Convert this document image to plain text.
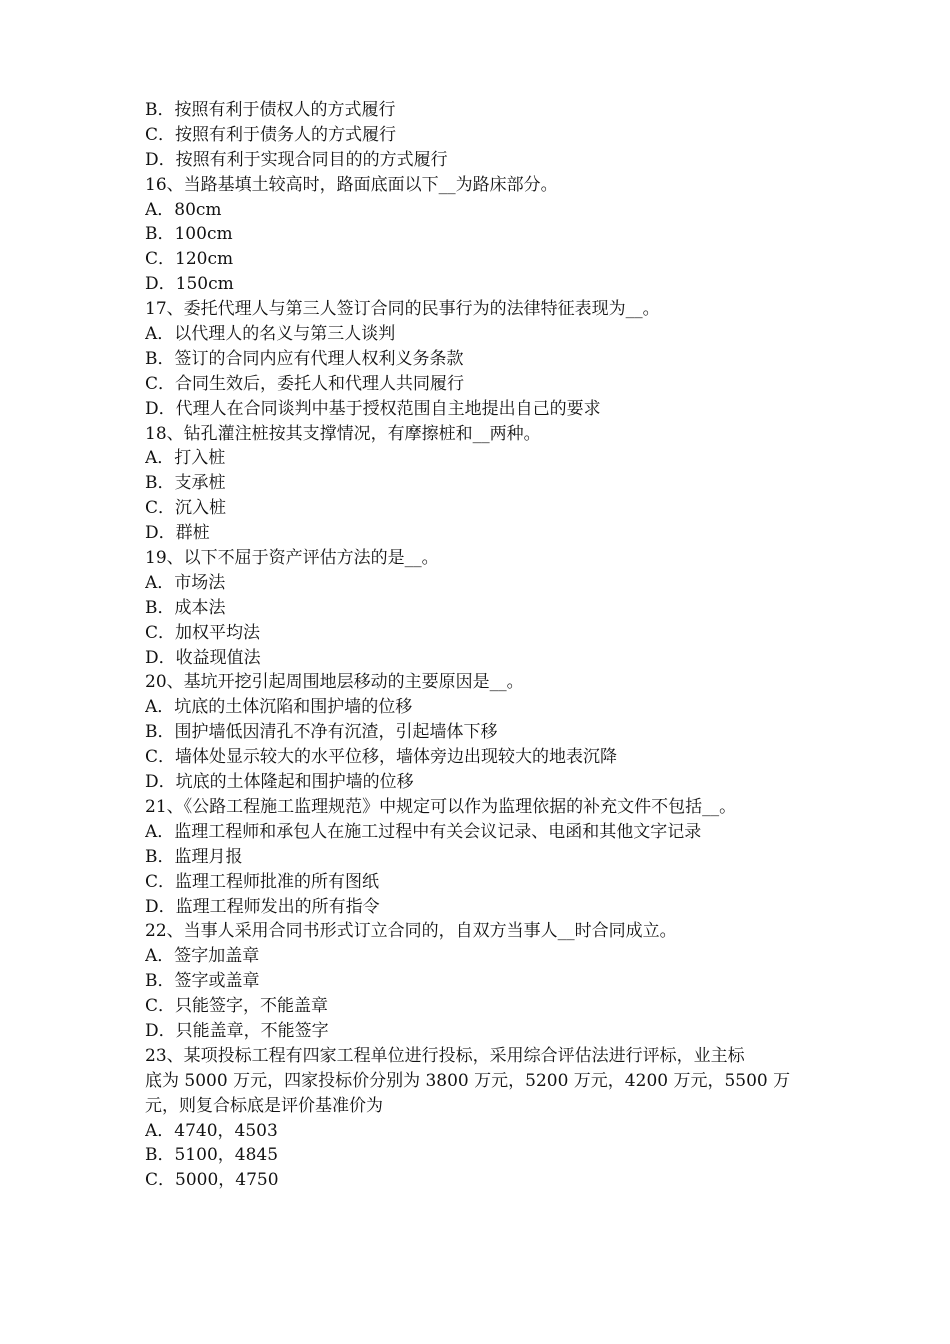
B．按照有利于债权人的方式履行
C．按照有利于债务人的方式履行
D．按照有利于实现合同目的的方式履行
16、当路基填土较高时，路面底面以下__为路床部分。
A．80cm
B．100cm
C．120cm
D．150cm
17、委托代理人与第三人签订合同的民事行为的法律特征表现为__。
A．以代理人的名义与第三人谈判
B．签订的合同内应有代理人权利义务条款
C．合同生效后，委托人和代理人共同履行
D．代理人在合同谈判中基于授权范围自主地提出自己的要求
18、钻孔灌注桩按其支撑情况，有摩擦桩和__两种。
A．打入桩
B．支承桩
C．沉入桩
D．群桩
19、以下不屈于资产评估方法的是__。
A．市场法
B．成本法
C．加权平均法
D．收益现值法
20、基坑开挖引起周围地层移动的主要原因是__。
A．坑底的土体沉陷和围护墙的位移
B．围护墙低因清孔不净有沉渣，引起墙体下移
C．墙体处显示较大的水平位移，墙体旁边出现较大的地表沉降
D．坑底的土体隆起和围护墙的位移
21、《公路工程施工监理规范》中规定可以作为监理依据的补充文件不包括__。
A．监理工程师和承包人在施工过程中有关会议记录、电函和其他文字记录
B．监理月报
C．监理工程师批准的所有图纸
D．监理工程师发出的所有指令
22、当事人采用合同书形式订立合同的，自双方当事人__时合同成立。
A．签字加盖章
B．签字或盖章
C．只能签字，不能盖章
D．只能盖章，不能签字
23、某项投标工程有四家工程单位进行投标，采用综合评估法进行评标，业主标
底为 5000 万元，四家投标价分别为 3800 万元，5200 万元，4200 万元，5500 万
元，则复合标底是评价基准价为
A．4740，4503
B．5100，4845
C．5000，4750
